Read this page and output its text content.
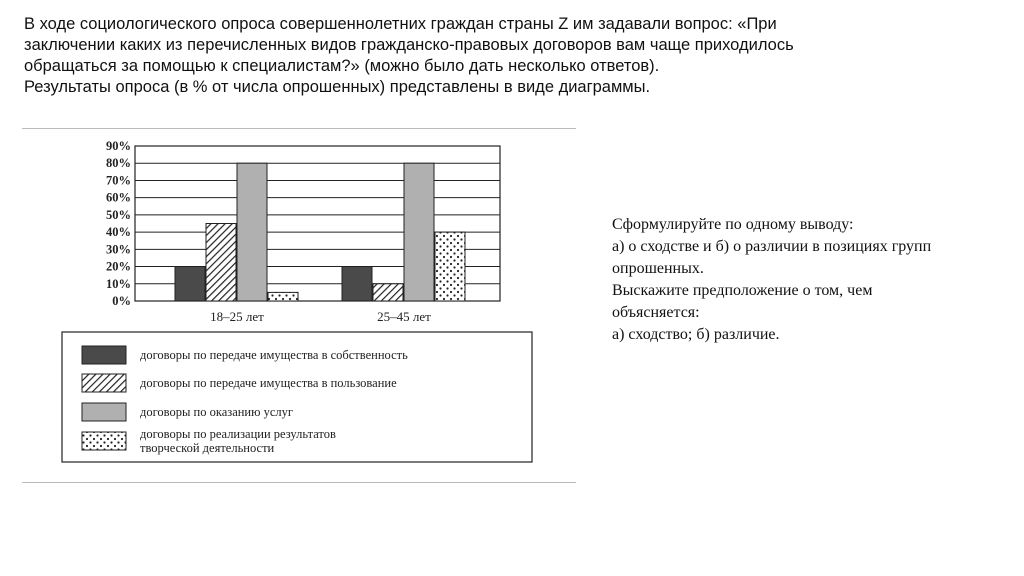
В ходе социологического опроса совершеннолетних граждан страны Z им задавали вопрос: «При

заключении каких из перечисленных видов гражданско-правовых договоров вам чаще приходилось

обращаться за помощью к специалистам?» (можно было дать несколько ответов).

Результаты опроса (в % от числа опрошенных) представлены в виде диаграммы.

0%
10%
20%
30%
40%
50%
60%
70%
80%
90%
18–25 лет	25–45 лет
договоры по передаче имущества в собственность
договоры по передаче имущества в пользование
договоры по оказанию услуг
договоры по реализации результатов
творческой деятельности

Сформулируйте по одному выводу:

а) о сходстве и б) о различии в позициях групп

опрошенных.

Выскажите предположение о том, чем

объясняется:

а) сходство; б) различие.
